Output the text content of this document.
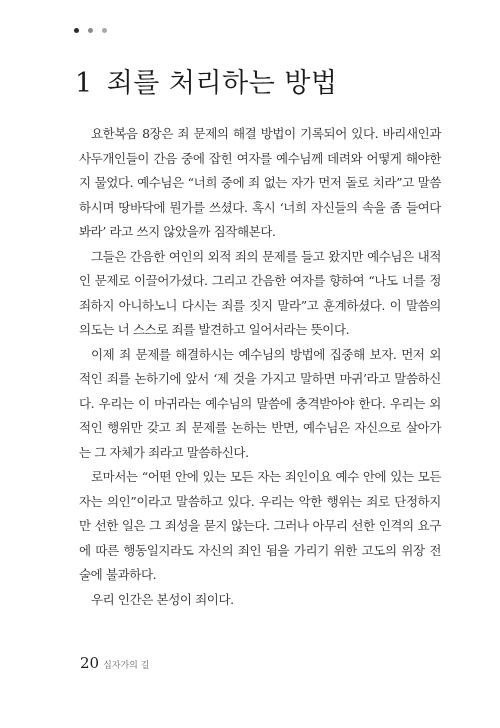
1 죄를 처리하는 방법

요한복음 8장은 죄 문제의 해결 방법이 기록되어 있다. 바리새인과 사두개인들이 간음 중에 잡힌 여자를 예수님께 데려와 어떻게 해야한지 물었다. 예수님은 “너희 중에 죄 없는 자가 먼저 돌로 치라”고 말씀하시며 땅바닥에 뭔가를 쓰셨다. 혹시 ‘너희 자신들의 속을 좀 들여다봐라’ 라고 쓰지 않았을까 짐작해본다.

그들은 간음한 여인의 외적 죄의 문제를 들고 왔지만 예수님은 내적인 문제로 이끌어가셨다. 그리고 간음한 여자를 향하여 “나도 너를 정죄하지 아니하노니 다시는 죄를 짓지 말라”고 훈계하셨다. 이 말씀의 의도는 너 스스로 죄를 발견하고 일어서라는 뜻이다.

이제 죄 문제를 해결하시는 예수님의 방법에 집중해 보자. 먼저 외적인 죄를 논하기에 앞서 ‘제 것을 가지고 말하면 마귀’라고 말씀하신다. 우리는 이 마귀라는 예수님의 말씀에 충격받아야 한다. 우리는 외적인 행위만 갖고 죄 문제를 논하는 반면, 예수님은 자신으로 살아가는 그 자체가 죄라고 말씀하신다.

로마서는 “어떤 안에 있는 모든 자는 죄인이요 예수 안에 있는 모든 자는 의인”이라고 말씀하고 있다. 우리는 악한 행위는 죄로 단정하지만 선한 일은 그 죄성을 묻지 않는다. 그러나 아무리 선한 인격의 요구에 따른 행동일지라도 자신의 죄인 됨을 가리기 위한 고도의 위장 전술에 불과하다.

우리 인간은 본성이 죄이다.

20 십자가의 길
